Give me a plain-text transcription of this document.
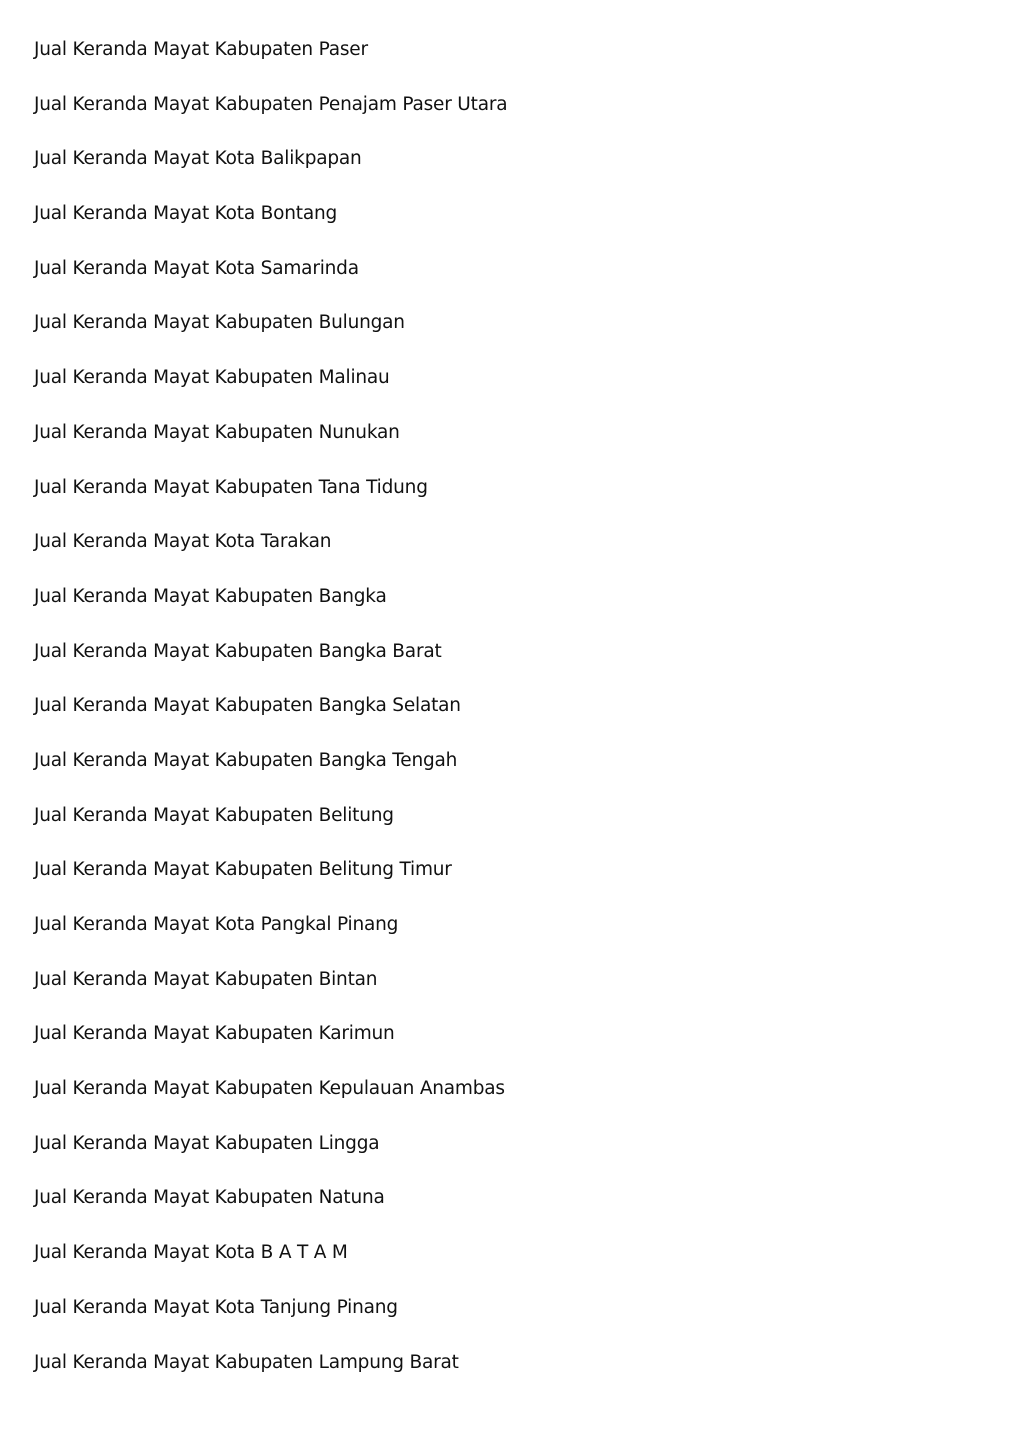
Jual Keranda Mayat Kabupaten Paser
Jual Keranda Mayat Kabupaten Penajam Paser Utara
Jual Keranda Mayat Kota Balikpapan
Jual Keranda Mayat Kota Bontang
Jual Keranda Mayat Kota Samarinda
Jual Keranda Mayat Kabupaten Bulungan
Jual Keranda Mayat Kabupaten Malinau
Jual Keranda Mayat Kabupaten Nunukan
Jual Keranda Mayat Kabupaten Tana Tidung
Jual Keranda Mayat Kota Tarakan
Jual Keranda Mayat Kabupaten Bangka
Jual Keranda Mayat Kabupaten Bangka Barat
Jual Keranda Mayat Kabupaten Bangka Selatan
Jual Keranda Mayat Kabupaten Bangka Tengah
Jual Keranda Mayat Kabupaten Belitung
Jual Keranda Mayat Kabupaten Belitung Timur
Jual Keranda Mayat Kota Pangkal Pinang
Jual Keranda Mayat Kabupaten Bintan
Jual Keranda Mayat Kabupaten Karimun
Jual Keranda Mayat Kabupaten Kepulauan Anambas
Jual Keranda Mayat Kabupaten Lingga
Jual Keranda Mayat Kabupaten Natuna
Jual Keranda Mayat Kota B A T A M
Jual Keranda Mayat Kota Tanjung Pinang
Jual Keranda Mayat Kabupaten Lampung Barat
